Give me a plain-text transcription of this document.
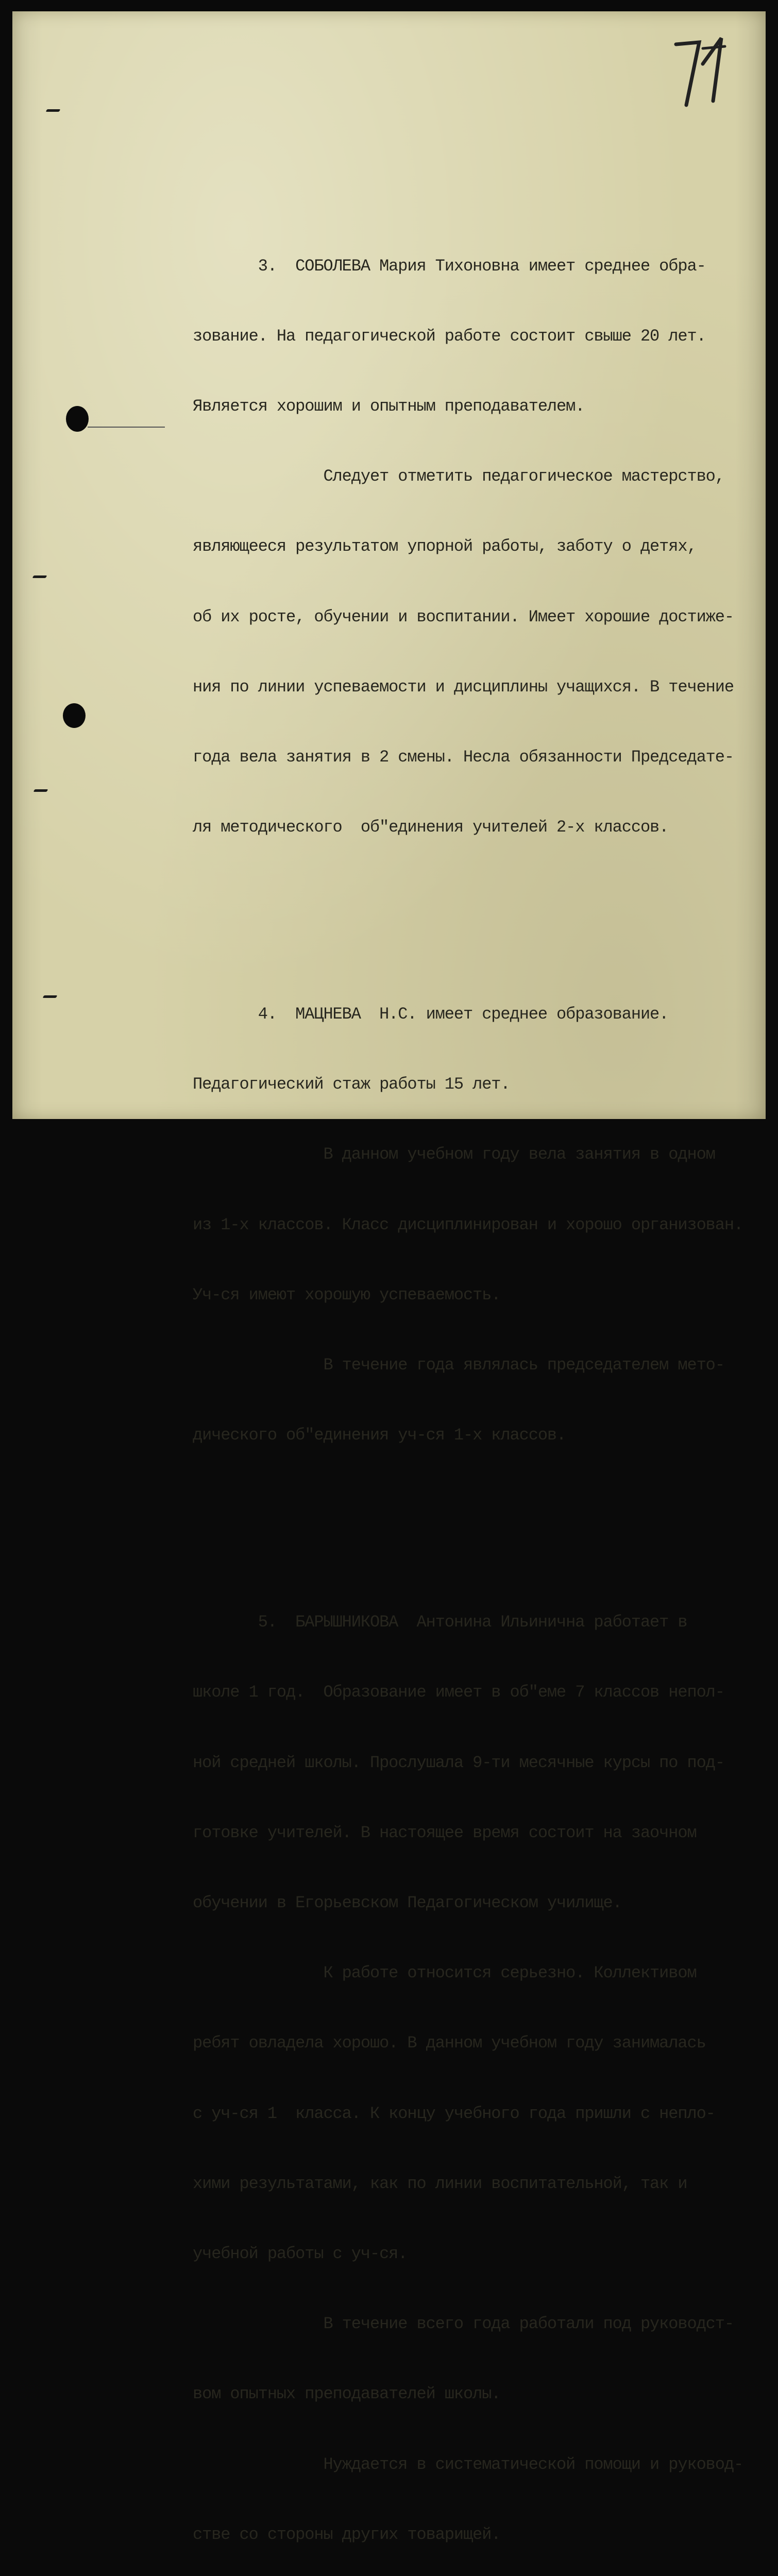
3.  СОБОЛЕВА Мария Тихоновна имеет среднее обра-

зование. На педагогической работе состоит свыше 20 лет.

Является хорошим и опытным преподавателем.

Следует отметить педагогическое мастерство,

являющееся результатом упорной работы, заботу о детях,

об их росте, обучении и воспитании. Имеет хорошие достиже-

ния по линии успеваемости и дисциплины учащихся. В течение

года вела занятия в 2 смены. Несла обязанности Председате-

ля методического  об"единения учителей 2-х классов.

4.  МАЦНЕВА  Н.С. имеет среднее образование.

Педагогический стаж работы 15 лет.

В данном учебном году вела занятия в одном

из 1-х классов. Класс дисциплинирован и хорошо организован.

Уч-ся имеют хорошую успеваемость.

В течение года являлась председателем мето-

дического об"единения уч-ся 1-х классов.

5.  БАРЫШНИКОВА  Антонина Ильинична работает в

школе 1 год.  Образование имеет в об"еме 7 классов непол-

ной средней школы. Прослушала 9-ти месячные курсы по под-

готовке учителей. В настоящее время состоит на заочном

обучении в Егорьевском Педагогическом училище.

К работе относится серьезно. Коллективом

ребят овладела хорошо. В данном учебном году занималась

с уч-ся 1  класса. К концу учебного года пришли с непло-

хими результатами, как по линии воспитательной, так и

учебной работы с уч-ся.

В течение всего года работали под руководст-

вом опытных преподавателей школы.

Нуждается в систематической помощи и руковод-

стве со стороны других товарищей.
